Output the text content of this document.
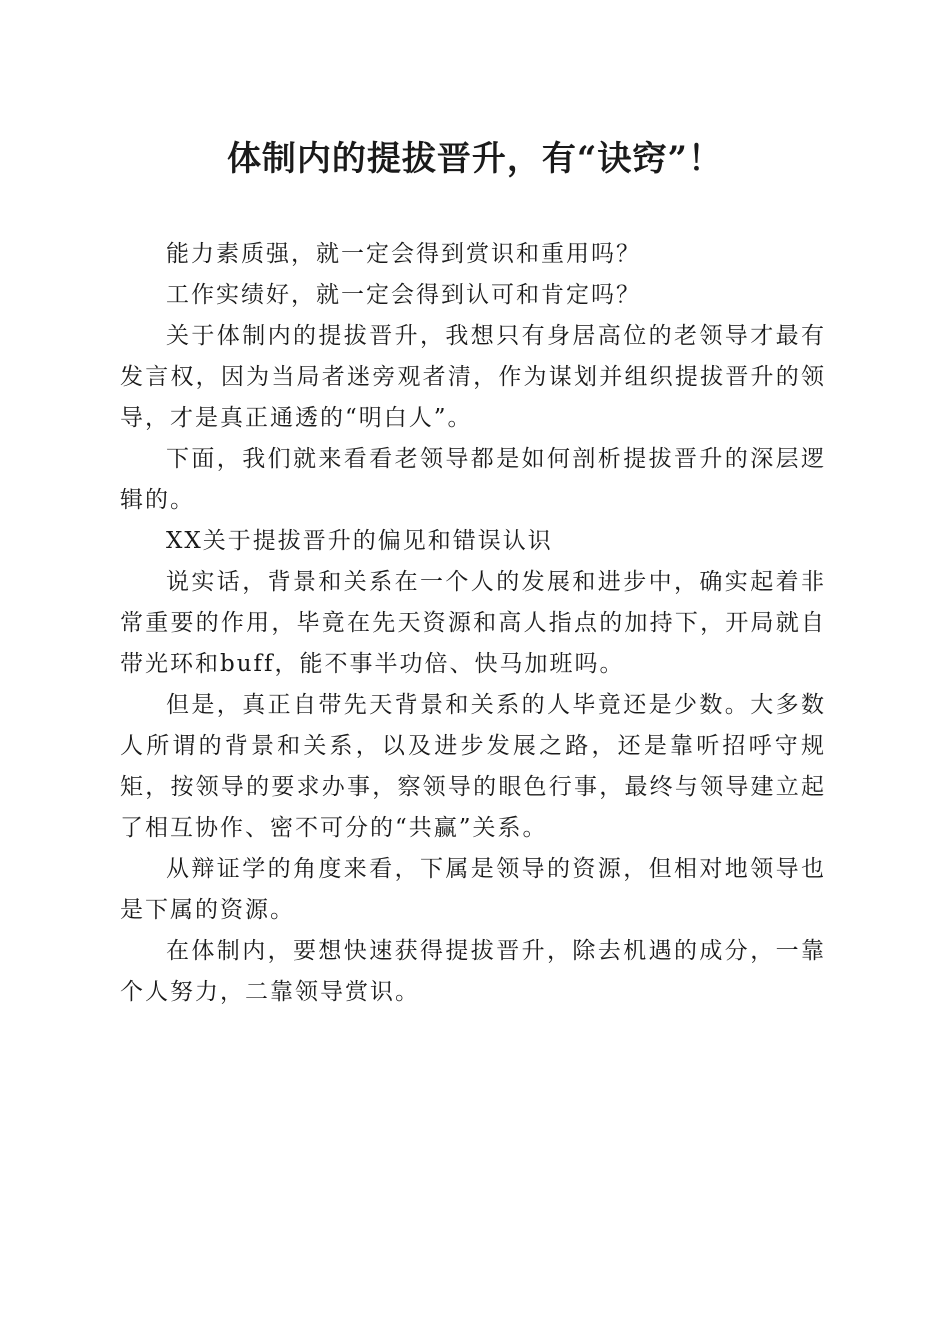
体制内的提拔晋升，有“诀窍”！

能力素质强，就一定会得到赏识和重用吗？

工作实绩好，就一定会得到认可和肯定吗？

关于体制内的提拔晋升，我想只有身居高位的老领导才最有发言权，因为当局者迷旁观者清，作为谋划并组织提拔晋升的领导，才是真正通透的“明白人”。

下面，我们就来看看老领导都是如何剖析提拔晋升的深层逻辑的。

XX关于提拔晋升的偏见和错误认识

说实话，背景和关系在一个人的发展和进步中，确实起着非常重要的作用，毕竟在先天资源和高人指点的加持下，开局就自带光环和buff，能不事半功倍、快马加班吗。

但是，真正自带先天背景和关系的人毕竟还是少数。大多数人所谓的背景和关系，以及进步发展之路，还是靠听招呼守规矩，按领导的要求办事，察领导的眼色行事，最终与领导建立起了相互协作、密不可分的“共赢”关系。

从辩证学的角度来看，下属是领导的资源，但相对地领导也是下属的资源。

在体制内，要想快速获得提拔晋升，除去机遇的成分，一靠个人努力，二靠领导赏识。
